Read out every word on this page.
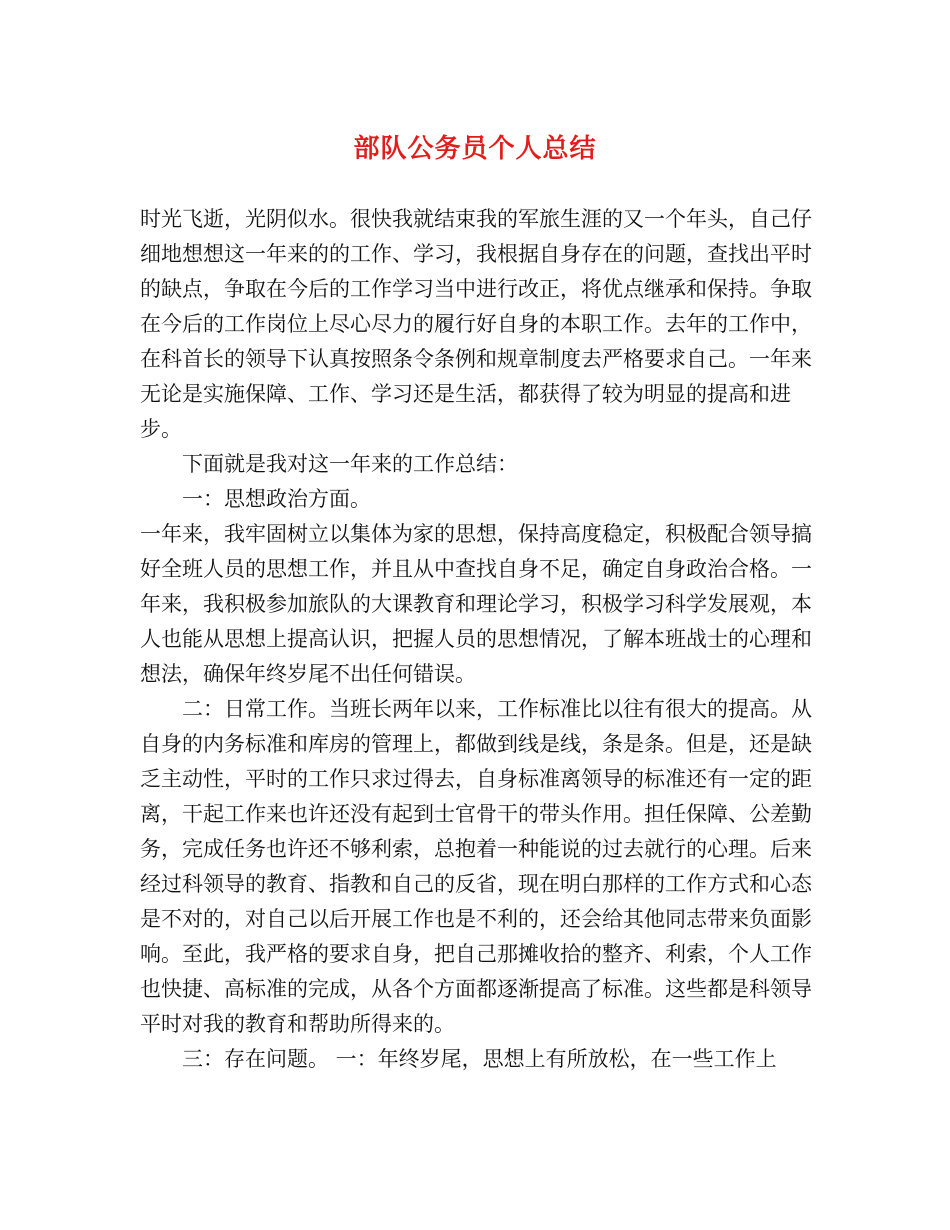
部队公务员个人总结

时光飞逝，光阴似水。很快我就结束我的军旅生涯的又一个年头，自己仔细地想想这一年来的的工作、学习，我根据自身存在的问题，查找出平时的缺点，争取在今后的工作学习当中进行改正，将优点继承和保持。争取在今后的工作岗位上尽心尽力的履行好自身的本职工作。去年的工作中，在科首长的领导下认真按照条令条例和规章制度去严格要求自己。一年来无论是实施保障、工作、学习还是生活，都获得了较为明显的提高和进步。

下面就是我对这一年来的工作总结：

一：思想政治方面。

一年来，我牢固树立以集体为家的思想，保持高度稳定，积极配合领导搞好全班人员的思想工作，并且从中查找自身不足，确定自身政治合格。一年来，我积极参加旅队的大课教育和理论学习，积极学习科学发展观，本人也能从思想上提高认识，把握人员的思想情况，了解本班战士的心理和想法，确保年终岁尾不出任何错误。

二：日常工作。当班长两年以来，工作标准比以往有很大的提高。从自身的内务标准和库房的管理上，都做到线是线，条是条。但是，还是缺乏主动性，平时的工作只求过得去，自身标准离领导的标准还有一定的距离，干起工作来也许还没有起到士官骨干的带头作用。担任保障、公差勤务，完成任务也许还不够利索，总抱着一种能说的过去就行的心理。后来经过科领导的教育、指教和自己的反省，现在明白那样的工作方式和心态是不对的，对自己以后开展工作也是不利的，还会给其他同志带来负面影响。至此，我严格的要求自身，把自己那摊收拾的整齐、利索，个人工作也快捷、高标准的完成，从各个方面都逐渐提高了标准。这些都是科领导平时对我的教育和帮助所得来的。

三：存在问题。 一：年终岁尾，思想上有所放松，在一些工作上
